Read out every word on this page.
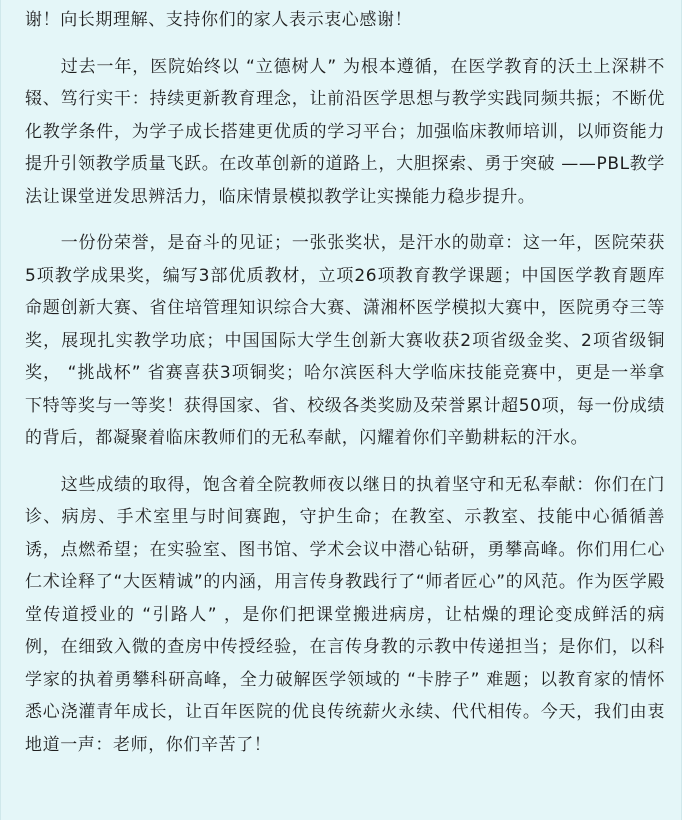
谢！向长期理解、支持你们的家人表示衷心感谢！

过去一年，医院始终以 “立德树人” 为根本遵循，在医学教育的沃土上深耕不辍、笃行实干：持续更新教育理念，让前沿医学思想与教学实践同频共振；不断优化教学条件，为学子成长搭建更优质的学习平台；加强临床教师培训，以师资能力提升引领教学质量飞跃。在改革创新的道路上，大胆探索、勇于突破 ——PBL教学法让课堂迸发思辨活力，临床情景模拟教学让实操能力稳步提升。

一份份荣誉，是奋斗的见证；一张张奖状，是汗水的勋章：这一年，医院荣获5项教学成果奖，编写3部优质教材，立项26项教育教学课题；中国医学教育题库命题创新大赛、省住培管理知识综合大赛、潇湘杯医学模拟大赛中，医院勇夺三等奖，展现扎实教学功底；中国国际大学生创新大赛收获2项省级金奖、2项省级铜奖， “挑战杯” 省赛喜获3项铜奖；哈尔滨医科大学临床技能竞赛中，更是一举拿下特等奖与一等奖！获得国家、省、校级各类奖励及荣誉累计超50项，每一份成绩的背后，都凝聚着临床教师们的无私奉献，闪耀着你们辛勤耕耘的汗水。

这些成绩的取得，饱含着全院教师夜以继日的执着坚守和无私奉献：你们在门诊、病房、手术室里与时间赛跑，守护生命；在教室、示教室、技能中心循循善诱，点燃希望；在实验室、图书馆、学术会议中潜心钻研，勇攀高峰。你们用仁心仁术诠释了“大医精诚”的内涵，用言传身教践行了“师者匠心”的风范。作为医学殿堂传道授业的 “引路人” ，是你们把课堂搬进病房，让枯燥的理论变成鲜活的病例，在细致入微的查房中传授经验，在言传身教的示教中传递担当；是你们，以科学家的执着勇攀科研高峰，全力破解医学领域的 “卡脖子” 难题；以教育家的情怀悉心浇灌青年成长，让百年医院的优良传统薪火永续、代代相传。今天，我们由衷地道一声：老师，你们辛苦了！
